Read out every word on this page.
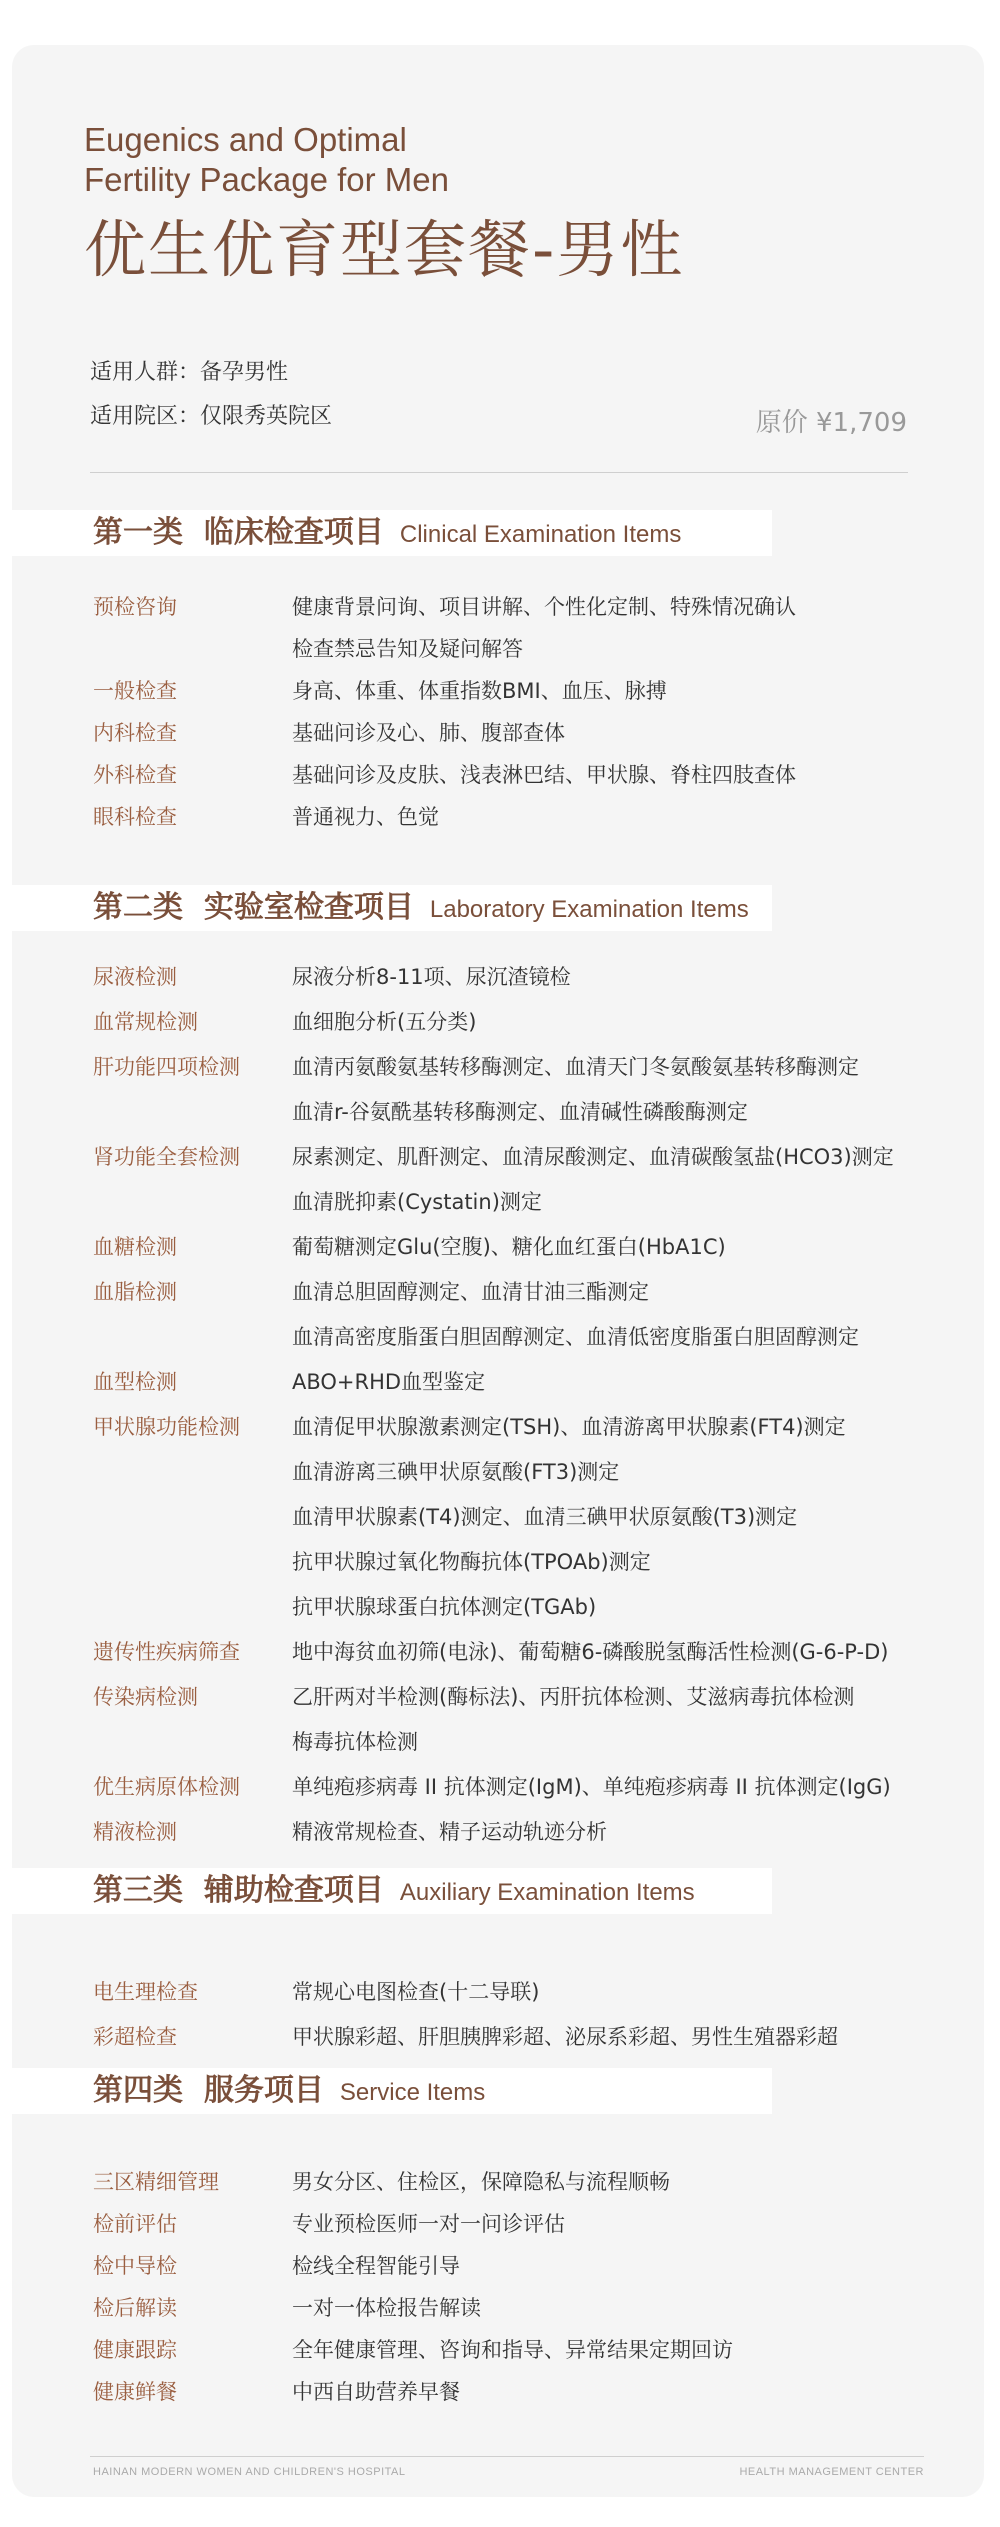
Eugenics and Optimal
Fertility Package for Men
优生优育型套餐-男性
适用人群：备孕男性
适用院区：仅限秀英院区	原价 ¥1,709
第一类  临床检查项目 Clinical Examination Items
预检咨询	健康背景问询、项目讲解、个性化定制、特殊情况确认
检查禁忌告知及疑问解答
一般检查	身高、体重、体重指数BMI、血压、脉搏
内科检查	基础问诊及心、肺、腹部查体
外科检查	基础问诊及皮肤、浅表淋巴结、甲状腺、脊柱四肢查体
眼科检查	普通视力、色觉
第二类  实验室检查项目 Laboratory Examination Items
尿液检测	尿液分析8-11项、尿沉渣镜检
血常规检测	血细胞分析(五分类)
肝功能四项检测 血清丙氨酸氨基转移酶测定、血清天门冬氨酸氨基转移酶测定
血清r-谷氨酰基转移酶测定、血清碱性磷酸酶测定
肾功能全套检测 尿素测定、肌酐测定、血清尿酸测定、血清碳酸氢盐(HCO3)测定
血清胱抑素(Cystatin)测定
血糖检测	葡萄糖测定Glu(空腹)、糖化血红蛋白(HbA1C)
血脂检测	血清总胆固醇测定、血清甘油三酯测定
血清高密度脂蛋白胆固醇测定、血清低密度脂蛋白胆固醇测定
血型检测	ABO+RHD血型鉴定
甲状腺功能检测 血清促甲状腺激素测定(TSH)、血清游离甲状腺素(FT4)测定
血清游离三碘甲状原氨酸(FT3)测定
血清甲状腺素(T4)测定、血清三碘甲状原氨酸(T3)测定
抗甲状腺过氧化物酶抗体(TPOAb)测定
抗甲状腺球蛋白抗体测定(TGAb)
遗传性疾病筛查 地中海贫血初筛(电泳)、葡萄糖6-磷酸脱氢酶活性检测(G-6-P-D)
传染病检测	乙肝两对半检测(酶标法)、丙肝抗体检测、艾滋病毒抗体检测
梅毒抗体检测
优生病原体检测 单纯疱疹病毒 II 抗体测定(IgM)、单纯疱疹病毒 II 抗体测定(IgG)
精液检测	精液常规检查、精子运动轨迹分析
第三类  辅助检查项目 Auxiliary Examination Items
电生理检查	常规心电图检查(十二导联)
彩超检查	甲状腺彩超、肝胆胰脾彩超、泌尿系彩超、男性生殖器彩超
第四类  服务项目 Service Items
三区精细管理	男女分区、住检区，保障隐私与流程顺畅
检前评估	专业预检医师一对一问诊评估
检中导检	检线全程智能引导
检后解读	一对一体检报告解读
健康跟踪	全年健康管理、咨询和指导、异常结果定期回访
健康鲜餐	中西自助营养早餐
HAINAN MODERN WOMEN AND CHILDREN'S HOSPITAL	HEALTH MANAGEMENT CENTER
